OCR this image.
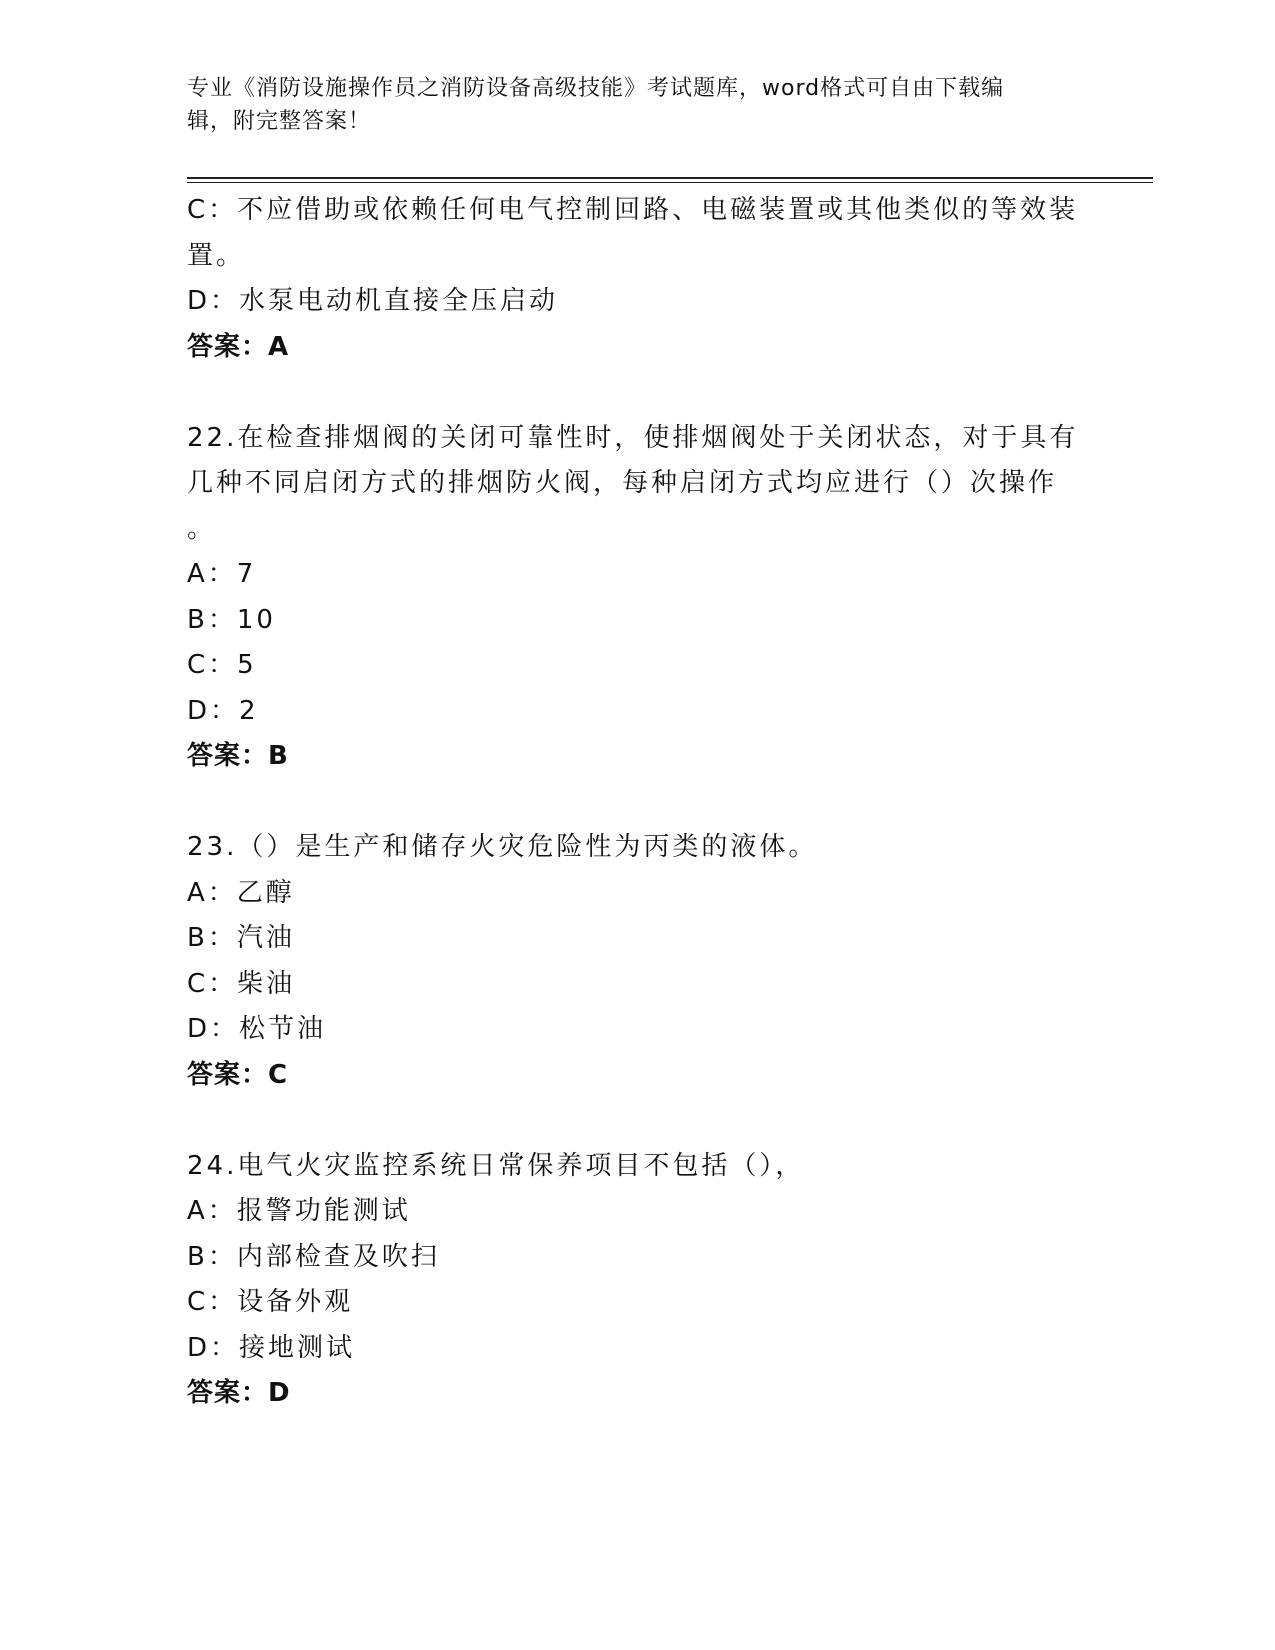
专业《消防设施操作员之消防设备高级技能》考试题库，word格式可自由下载编
辑，附完整答案！

C：不应借助或依赖任何电气控制回路、电磁装置或其他类似的等效装

置。

D：水泵电动机直接全压启动

答案：A

22.在检查排烟阀的关闭可靠性时，使排烟阀处于关闭状态，对于具有

几种不同启闭方式的排烟防火阀，每种启闭方式均应进行（）次操作

。

A：7

B：10

C：5

D：2

答案：B

23.（）是生产和储存火灾危险性为丙类的液体。

A：乙醇

B：汽油

C：柴油

D：松节油

答案：C

24.电气火灾监控系统日常保养项目不包括（），

A：报警功能测试

B：内部检查及吹扫

C：设备外观

D：接地测试

答案：D
